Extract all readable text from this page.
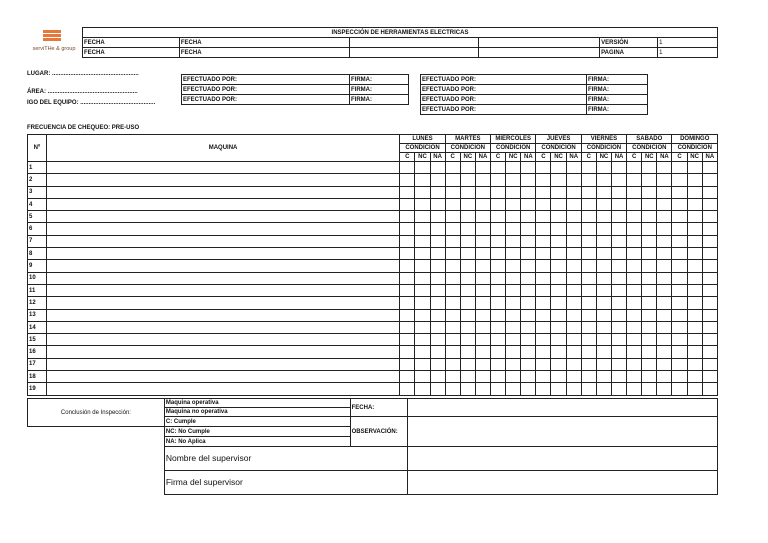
serviTHe & group
INSPECCIÓN DE HERRAMIENTAS ELECTRICAS					
FECHA	FECHA			VERSIÓN	1
FECHA	FECHA			PAGINA	1
LUGAR: ....................................................
ÁREA: ......................................................
IGO DEL EQUIPO: .............................................
FRECUENCIA DE CHEQUEO: PRE-USO
EFECTUADO POR:	FIRMA:
EFECTUADO POR:	FIRMA:
EFECTUADO POR:	FIRMA:
EFECTUADO POR:	FIRMA:
EFECTUADO POR:	FIRMA:
EFECTUADO POR:	FIRMA:
EFECTUADO POR:	FIRMA:
Nº	MAQUINA	LUNES			MARTES			MIERCOLES			JUEVES			VIERNES			SABADO			DOMINGO		
		CONDICION			CONDICION			CONDICION			CONDICION			CONDICION			CONDICION			CONDICION		
		C	NC	NA	C	NC	NA	C	NC	NA	C	NC	NA	C	NC	NA	C	NC	NA	C	NC	NA
1																						
2																						
3																						
4																						
5																						
6																						
7																						
8																						
9																						
10																						
11																						
12																						
13																						
14																						
15																						
16																						
17																						
18																						
19																						
Conclusión de Inspección:	Maquina operativa	FECHA:	
	Maquina no operativa		
	C: Cumple	OBSERVACIÓN:	
	NC: No Cumple		
	NA: No Aplica		
	Nombre del supervisor		
	Firma del supervisor		
